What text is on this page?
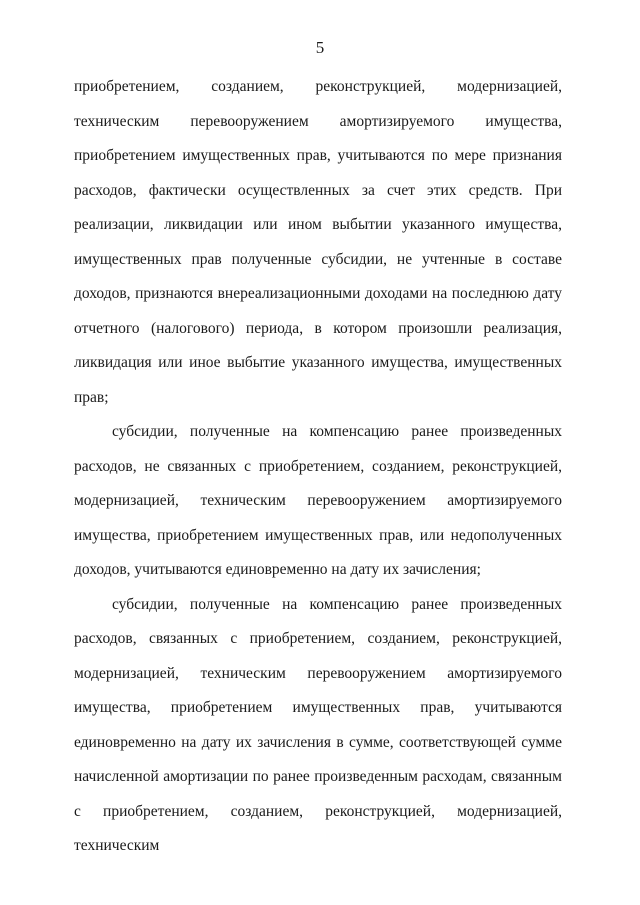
5

приобретением, созданием, реконструкцией, модернизацией, техническим перевооружением амортизируемого имущества, приобретением имущественных прав, учитываются по мере признания расходов, фактически осуществленных за счет этих средств. При реализации, ликвидации или ином выбытии указанного имущества, имущественных прав полученные субсидии, не учтенные в составе доходов, признаются внереализационными доходами на последнюю дату отчетного (налогового) периода, в котором произошли реализация, ликвидация или иное выбытие указанного имущества, имущественных прав;

субсидии, полученные на компенсацию ранее произведенных расходов, не связанных с приобретением, созданием, реконструкцией, модернизацией, техническим перевооружением амортизируемого имущества, приобретением имущественных прав, или недополученных доходов, учитываются единовременно на дату их зачисления;

субсидии, полученные на компенсацию ранее произведенных расходов, связанных с приобретением, созданием, реконструкцией, модернизацией, техническим перевооружением амортизируемого имущества, приобретением имущественных прав, учитываются единовременно на дату их зачисления в сумме, соответствующей сумме начисленной амортизации по ранее произведенным расходам, связанным с приобретением, созданием, реконструкцией, модернизацией, техническим
